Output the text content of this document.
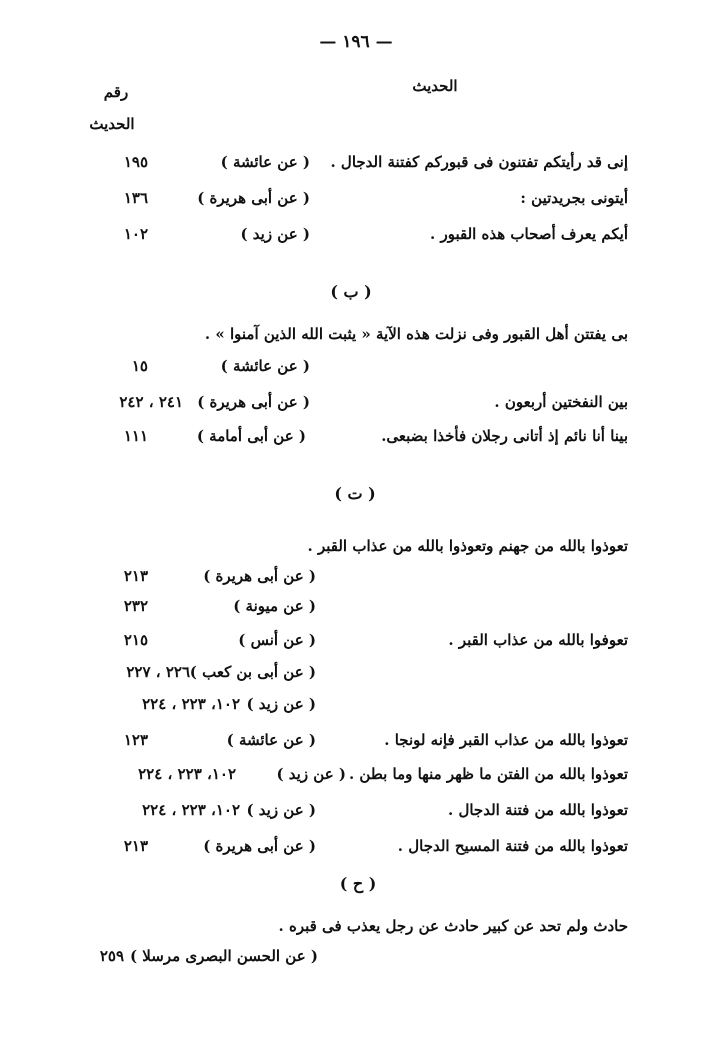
— ١٩٦ —
الحديث
رقم
الحديث
إنى قد رأيتكم تفتنون فى قبوركم كفتنة الدجال .
( عن عائشة )
١٩٥
أيتونى بجريدتين :
( عن أبى هريرة )
١٣٦
أيكم يعرف أصحاب هذه القبور .
( عن زيد )
١٠٢
( ب )
بى يفتتن أهل القبور وفى نزلت هذه الآية « يثبت الله الذين آمنوا » .
( عن عائشة )
١٥
بين النفختين أربعون .
( عن أبى هريرة )
٢٤١ ، ٢٤٢
بينا أنا نائم إذ أتانى رجلان فأخذا بضبعى.
( عن أبى أمامة )
١١١
( ت )
تعوذوا بالله من جهنم وتعوذوا بالله من عذاب القبر .
( عن أبى هريرة )
٢١٣
( عن ميونة )
٢٣٢
تعوفوا بالله من عذاب القبر .
( عن أنس )
٢١٥
( عن أبى بن كعب )
٢٢٦ ، ٢٢٧
( عن زيد )
١٠٢، ٢٢٣ ، ٢٢٤
تعوذوا بالله من عذاب القبر فإنه لونجا .
( عن عائشة )
١٢٣
تعوذوا بالله من الفتن ما ظهر منها وما بطن .
( عن زيد )
١٠٢، ٢٢٣ ، ٢٢٤
تعوذوا بالله من فتنة الدجال .
( عن زيد )
١٠٢، ٢٢٣ ، ٢٢٤
تعوذوا بالله من فتنة المسيح الدجال .
( عن أبى هريرة )
٢١٣
( ح )
حادث ولم تحد عن كبير حادث عن رجل يعذب فى قبره .
( عن الحسن البصرى مرسلا )
٢٥٩
